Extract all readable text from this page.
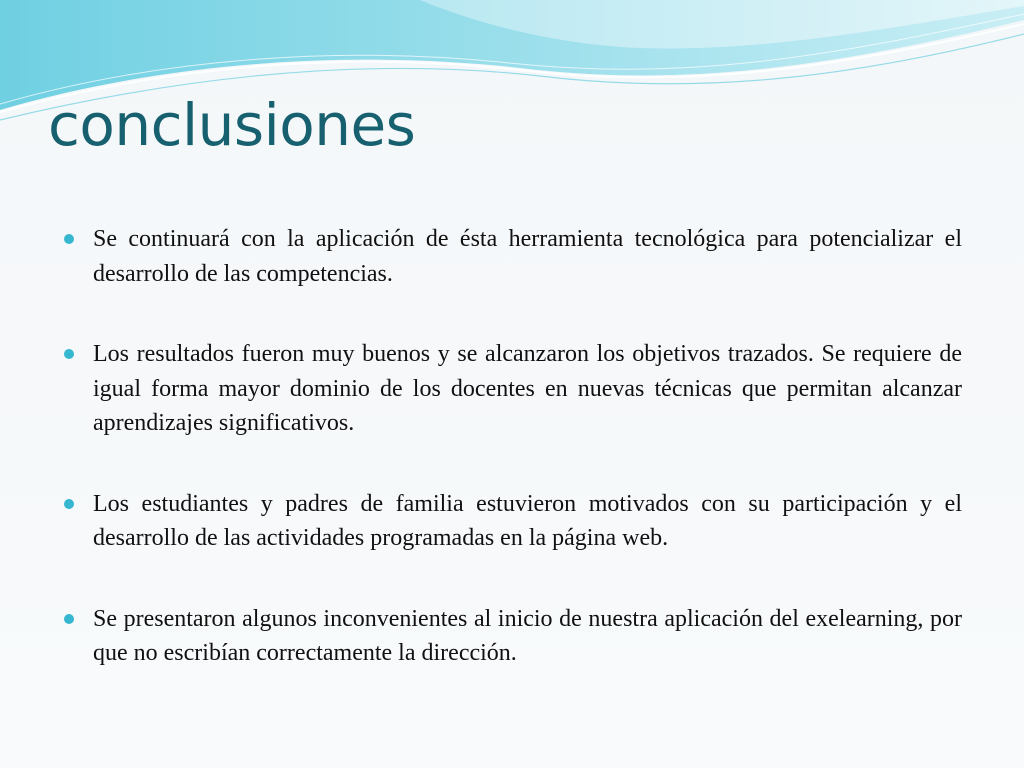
conclusiones
Se continuará con la aplicación de ésta herramienta tecnológica para potencializar el desarrollo de las competencias.
Los resultados fueron muy buenos y se alcanzaron los objetivos trazados. Se requiere de igual forma mayor dominio de los docentes en nuevas técnicas que permitan alcanzar aprendizajes significativos.
Los estudiantes y padres de familia estuvieron motivados con su participación y el desarrollo de las actividades programadas en la página web.
Se presentaron algunos inconvenientes al inicio de nuestra aplicación del exelearning, por que no escribían correctamente la dirección.
